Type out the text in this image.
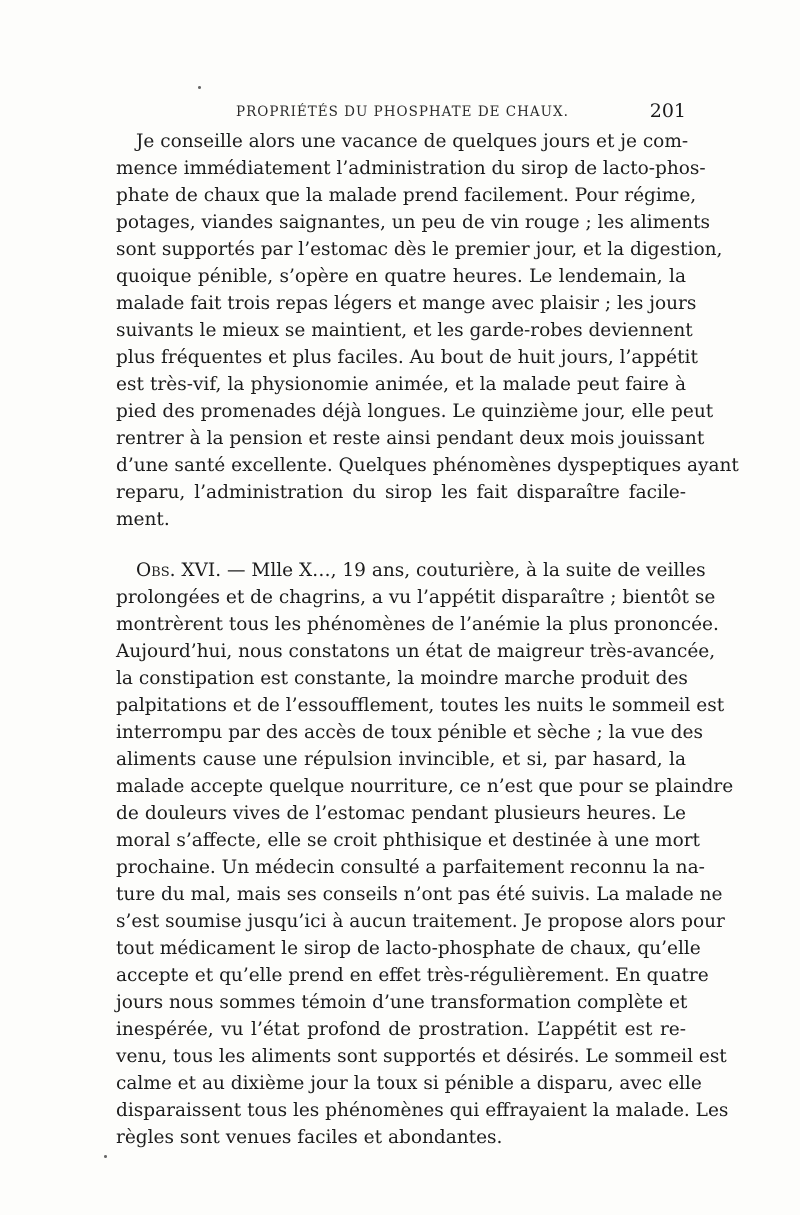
PROPRIÉTÉS DU PHOSPHATE DE CHAUX.	201
Je conseille alors une vacance de quelques jours et je com-
mence immédiatement l’administration du sirop de lacto-phos-
phate de chaux que la malade prend facilement. Pour régime,
potages, viandes saignantes, un peu de vin rouge ; les aliments
sont supportés par l’estomac dès le premier jour, et la digestion,
quoique pénible, s’opère en quatre heures. Le lendemain, la
malade fait trois repas légers et mange avec plaisir ; les jours
suivants le mieux se maintient, et les garde-robes deviennent
plus fréquentes et plus faciles. Au bout de huit jours, l’appétit
est très-vif, la physionomie animée, et la malade peut faire à
pied des promenades déjà longues. Le quinzième jour, elle peut
rentrer à la pension et reste ainsi pendant deux mois jouissant
d’une santé excellente. Quelques phénomènes dyspeptiques ayant
reparu, l’administration du sirop les fait disparaître facile-
ment.
Obs. XVI. — Mlle X…, 19 ans, couturière, à la suite de veilles
prolongées et de chagrins, a vu l’appétit disparaître ; bientôt se
montrèrent tous les phénomènes de l’anémie la plus prononcée.
Aujourd’hui, nous constatons un état de maigreur très-avancée,
la constipation est constante, la moindre marche produit des
palpitations et de l’essoufflement, toutes les nuits le sommeil est
interrompu par des accès de toux pénible et sèche ; la vue des
aliments cause une répulsion invincible, et si, par hasard, la
malade accepte quelque nourriture, ce n’est que pour se plaindre
de douleurs vives de l’estomac pendant plusieurs heures. Le
moral s’affecte, elle se croit phthisique et destinée à une mort
prochaine. Un médecin consulté a parfaitement reconnu la na-
ture du mal, mais ses conseils n’ont pas été suivis. La malade ne
s’est soumise jusqu’ici à aucun traitement. Je propose alors pour
tout médicament le sirop de lacto-phosphate de chaux, qu’elle
accepte et qu’elle prend en effet très-régulièrement. En quatre
jours nous sommes témoin d’une transformation complète et
inespérée, vu l’état profond de prostration. L’appétit est re-
venu, tous les aliments sont supportés et désirés. Le sommeil est
calme et au dixième jour la toux si pénible a disparu, avec elle
disparaissent tous les phénomènes qui effrayaient la malade. Les
règles sont venues faciles et abondantes.
